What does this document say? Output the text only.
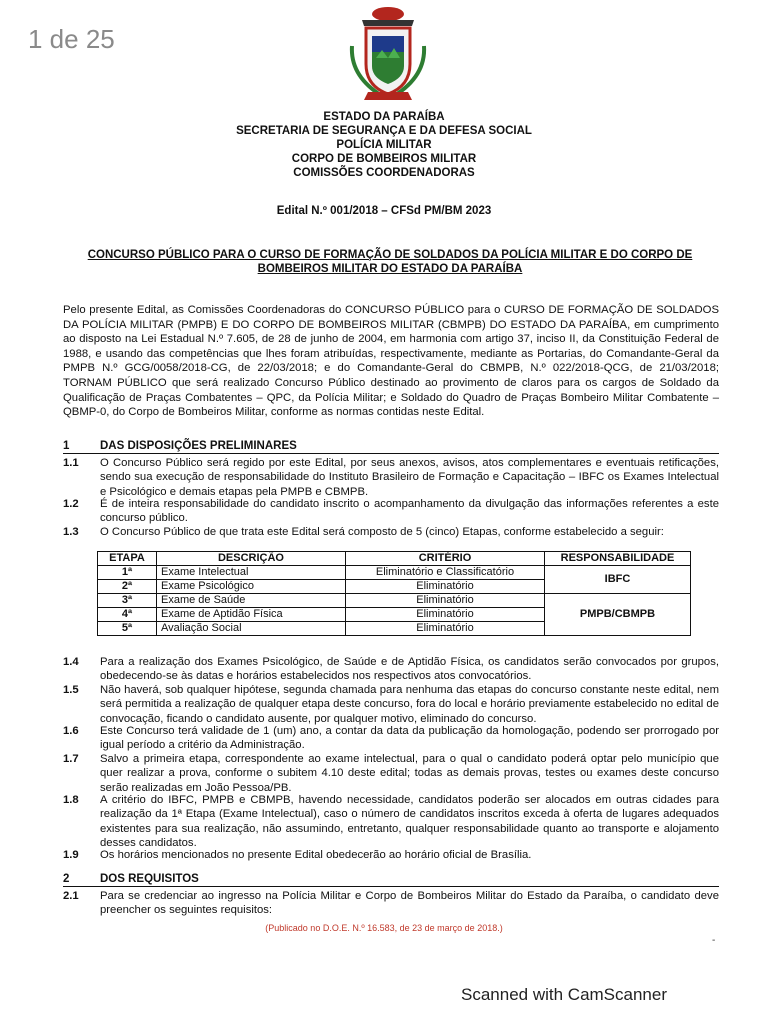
1 de 25
ESTADO DA PARAÍBA
SECRETARIA DE SEGURANÇA E DA DEFESA SOCIAL
POLÍCIA MILITAR
CORPO DE BOMBEIROS MILITAR
COMISSÕES COORDENADORAS
Edital N.º 001/2018 – CFSd PM/BM 2023
CONCURSO PÚBLICO PARA O CURSO DE FORMAÇÃO DE SOLDADOS DA POLÍCIA MILITAR E DO CORPO DE BOMBEIROS MILITAR DO ESTADO DA PARAÍBA
Pelo presente Edital, as Comissões Coordenadoras do CONCURSO PÚBLICO para o CURSO DE FORMAÇÃO DE SOLDADOS DA POLÍCIA MILITAR (PMPB) E DO CORPO DE BOMBEIROS MILITAR (CBMPB) DO ESTADO DA PARAÍBA, em cumprimento ao disposto na Lei Estadual N.º 7.605, de 28 de junho de 2004, em harmonia com artigo 37, inciso II, da Constituição Federal de 1988, e usando das competências que lhes foram atribuídas, respectivamente, mediante as Portarias, do Comandante-Geral da PMPB N.º GCG/0058/2018-CG, de 22/03/2018; e do Comandante-Geral do CBMPB, N.º 022/2018-QCG, de 21/03/2018; TORNAM PÚBLICO que será realizado Concurso Público destinado ao provimento de claros para os cargos de Soldado da Qualificação de Praças Combatentes – QPC, da Polícia Militar; e Soldado do Quadro de Praças Bombeiro Militar Combatente – QBMP-0, do Corpo de Bombeiros Militar, conforme as normas contidas neste Edital.
1	DAS DISPOSIÇÕES PRELIMINARES
1.1	O Concurso Público será regido por este Edital, por seus anexos, avisos, atos complementares e eventuais retificações, sendo sua execução de responsabilidade do Instituto Brasileiro de Formação e Capacitação – IBFC os Exames Intelectual e Psicológico e demais etapas pela PMPB e CBMPB.
1.2	É de inteira responsabilidade do candidato inscrito o acompanhamento da divulgação das informações referentes a este concurso público.
1.3	O Concurso Público de que trata este Edital será composto de 5 (cinco) Etapas, conforme estabelecido a seguir:
ETAPA	DESCRIÇÃO	CRITÉRIO	RESPONSABILIDADE
1ª	Exame Intelectual	Eliminatório e Classificatório	IBFC
2ª	Exame Psicológico	Eliminatório	
3ª	Exame de Saúde	Eliminatório	PMPB/CBMPB
4ª	Exame de Aptidão Física	Eliminatório	
5ª	Avaliação Social	Eliminatório	
1.4	Para a realização dos Exames Psicológico, de Saúde e de Aptidão Física, os candidatos serão convocados por grupos, obedecendo-se às datas e horários estabelecidos nos respectivos atos convocatórios.
1.5	Não haverá, sob qualquer hipótese, segunda chamada para nenhuma das etapas do concurso constante neste edital, nem será permitida a realização de qualquer etapa deste concurso, fora do local e horário previamente estabelecido no edital de convocação, ficando o candidato ausente, por qualquer motivo, eliminado do concurso.
1.6	Este Concurso terá validade de 1 (um) ano, a contar da data da publicação da homologação, podendo ser prorrogado por igual período a critério da Administração.
1.7	Salvo a primeira etapa, correspondente ao exame intelectual, para o qual o candidato poderá optar pelo município que quer realizar a prova, conforme o subitem 4.10 deste edital; todas as demais provas, testes ou exames deste concurso serão realizadas em João Pessoa/PB.
1.8	A critério do IBFC, PMPB e CBMPB, havendo necessidade, candidatos poderão ser alocados em outras cidades para realização da 1ª Etapa (Exame Intelectual), caso o número de candidatos inscritos exceda à oferta de lugares adequados existentes para sua realização, não assumindo, entretanto, qualquer responsabilidade quanto ao transporte e alojamento desses candidatos.
1.9	Os horários mencionados no presente Edital obedecerão ao horário oficial de Brasília.
2	DOS REQUISITOS
2.1	Para se credenciar ao ingresso na Polícia Militar e Corpo de Bombeiros Militar do Estado da Paraíba, o candidato deve preencher os seguintes requisitos:
(Publicado no D.O.E. N.º 16.583, de 23 de março de 2018.)
-
Scanned with CamScanner
